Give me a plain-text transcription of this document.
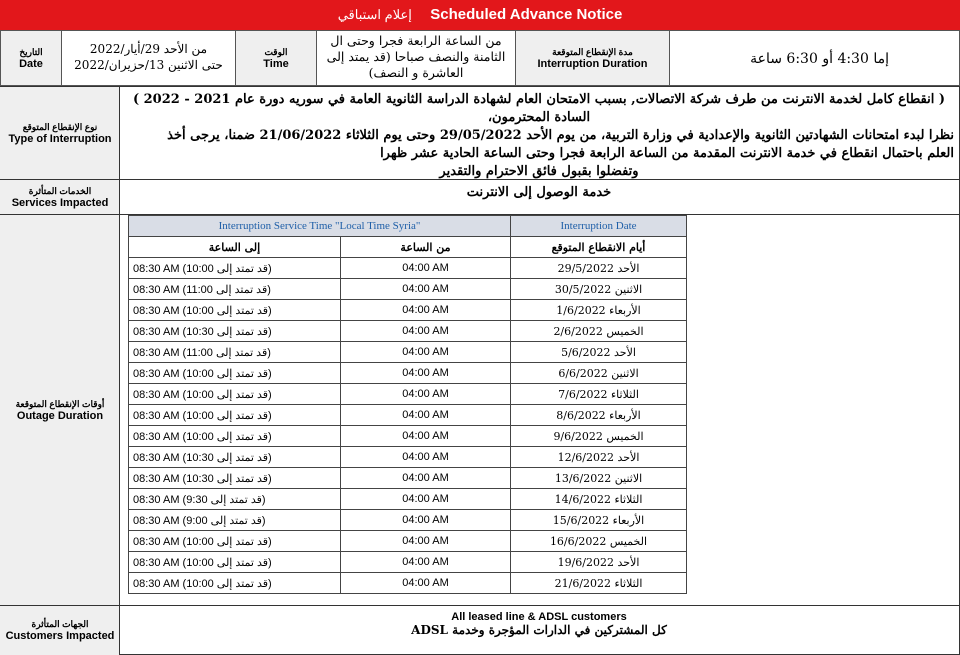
إعلام استباقي Scheduled Advance Notice
التاريخ
Date
من الأحد 29/أيار/2022
حتى الاثنين 13/حزيران/2022
الوقت
Time
من الساعة الرابعة فجرا وحتى ال الثامنة والنصف صباحا (قد يمتد إلى العاشرة و النصف)
مدة الإنقطاع المتوقعة
Interruption Duration	إما 4:30 أو 6:30 ساعة
نوع الإنقطاع المتوقع
Type of Interruption
( انقطاع كامل لخدمة الانترنت من طرف شركة الاتصالات, بسبب الامتحان العام لشهادة الدراسة الثانوية العامة في سوريه دورة عام 2021 - 2022 )
السادة المحترمون،
نظرا لبدء امتحانات الشهادتين الثانوية والإعدادية في وزارة التربية، من يوم الأحد 29/05/2022 وحتى يوم الثلاثاء 21/06/2022 ضمنا، يرجى أخذ
العلم باحتمال انقطاع في خدمة الانترنت المقدمة من الساعة الرابعة فجرا وحتى الساعة الحادية عشر ظهرا
وتفضلوا بقبول فائق الاحترام والتقدير
الخدمات المتأثرة
Services Impacted
خدمة الوصول إلى الانترنت
أوقات الإنقطاع المتوقعة
Outage Duration
Interruption Service Time "Local Time Syria"		Interruption Date
إلى الساعة	من الساعة	أيام الانقطاع المتوقع
08:30 AM (قد تمتد إلى 10:00)	04:00 AM	الأحد 29/5/2022
08:30 AM (قد تمتد إلى 11:00)	04:00 AM	الاثنين 30/5/2022
08:30 AM (قد تمتد إلى 10:00)	04:00 AM	الأربعاء 1/6/2022
08:30 AM (قد تمتد إلى 10:30)	04:00 AM	الخميس 2/6/2022
08:30 AM (قد تمتد إلى 11:00)	04:00 AM	الأحد 5/6/2022
08:30 AM (قد تمتد إلى 10:00)	04:00 AM	الاثنين 6/6/2022
08:30 AM (قد تمتد إلى 10:00)	04:00 AM	الثلاثاء 7/6/2022
08:30 AM (قد تمتد إلى 10:00)	04:00 AM	الأربعاء 8/6/2022
08:30 AM (قد تمتد إلى 10:00)	04:00 AM	الخميس 9/6/2022
08:30 AM (قد تمتد إلى 10:30)	04:00 AM	الأحد 12/6/2022
08:30 AM (قد تمتد إلى 10:30)	04:00 AM	الاثنين 13/6/2022
08:30 AM (قد تمتد إلى 9:30)	04:00 AM	الثلاثاء 14/6/2022
08:30 AM (قد تمتد إلى 9:00)	04:00 AM	الأربعاء 15/6/2022
08:30 AM (قد تمتد إلى 10:00)	04:00 AM	الخميس 16/6/2022
08:30 AM (قد تمتد إلى 10:00)	04:00 AM	الأحد 19/6/2022
08:30 AM (قد تمتد إلى 10:00)	04:00 AM	الثلاثاء 21/6/2022
الجهات المتأثرة
Customers Impacted
All leased line & ADSL customers
كل المشتركين في الدارات المؤجرة وخدمة ADSL
